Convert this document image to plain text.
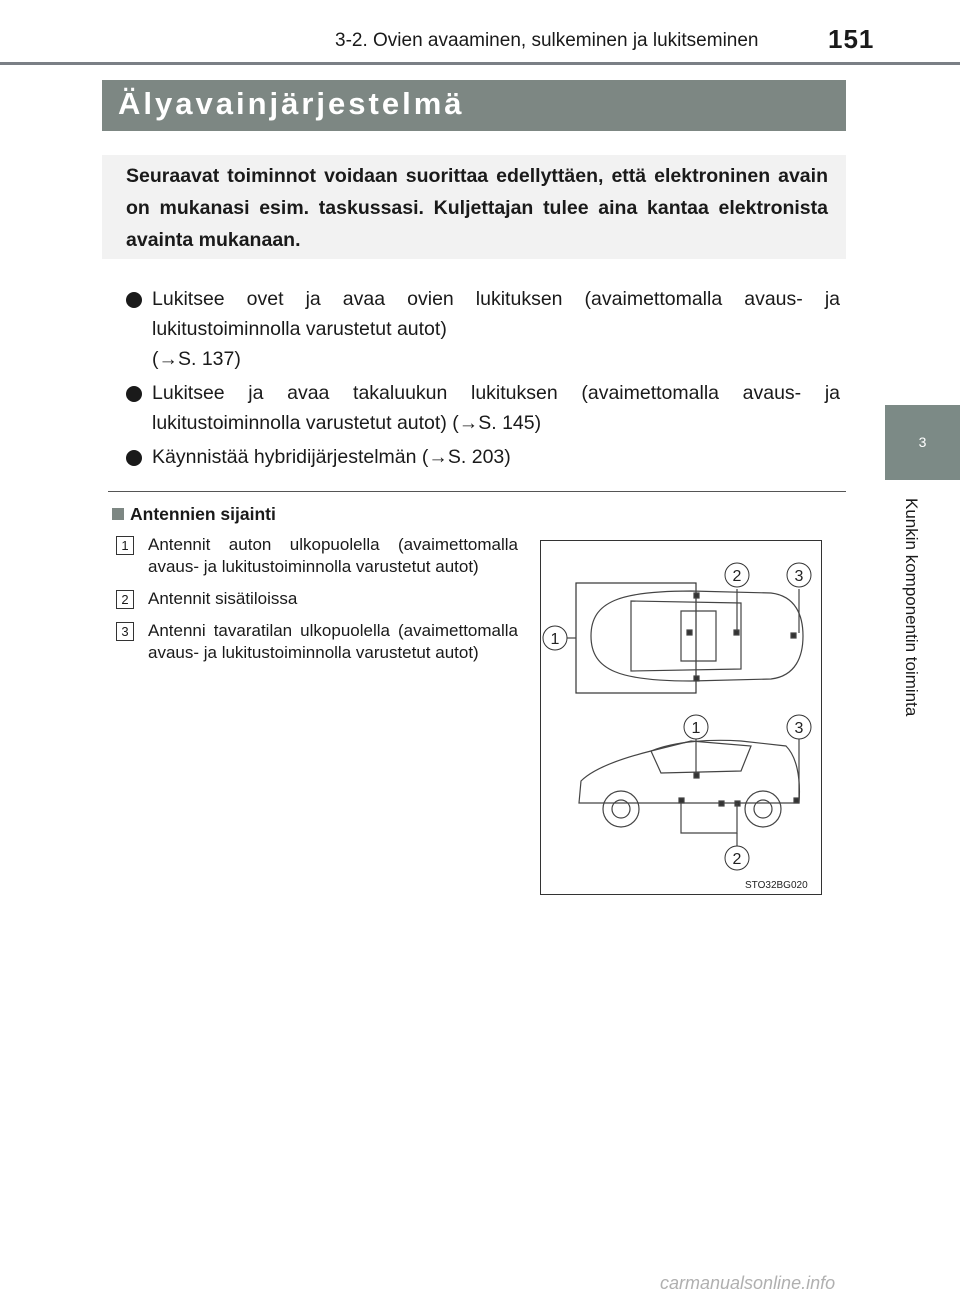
3-2. Ovien avaaminen, sulkeminen ja lukitseminen	151
3
Kunkin komponentin toiminta
Älyavainjärjestelmä
Seuraavat toiminnot voidaan suorittaa edellyttäen, että elektroninen avain on mukanasi esim. taskussasi. Kuljettajan tulee aina kantaa elektronista avainta mukanaan.
Lukitsee ovet ja avaa ovien lukituksen (avaimettomalla avaus- ja lukitustoiminnolla varustetut autot)
(→S. 137)
Lukitsee ja avaa takaluukun lukituksen (avaimettomalla avaus- ja lukitustoiminnolla varustetut autot) (→S. 145)
Käynnistää hybridijärjestelmän (→S. 203)
Antennien sijainti
1	Antennit auton ulkopuolella (avaimettomalla avaus- ja lukitustoiminnolla varustetut autot)
2	Antennit sisätiloissa
3	Antenni tavaratilan ulkopuolella (avaimettomalla avaus- ja lukitustoiminnolla varustetut autot)
2	3
1
1	3
2
STO32BG020
carmanualsonline.info
